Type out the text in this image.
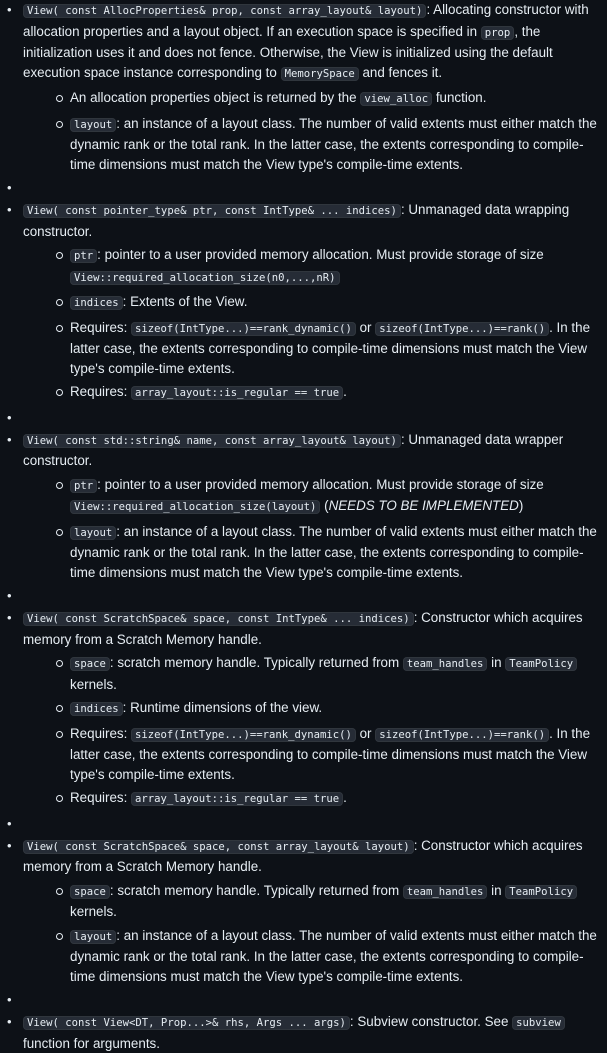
• View( const AllocProperties& prop, const array_layout& layout) : Allocating constructor with allocation properties and a layout object. If an execution space is specified in prop , the initialization uses it and does not fence. Otherwise, the View is initialized using the default execution space instance corresponding to MemorySpace and fences it.
An allocation properties object is returned by the view_alloc function.
layout : an instance of a layout class. The number of valid extents must either match the dynamic rank or the total rank. In the latter case, the extents corresponding to compile-time dimensions must match the View type's compile-time extents.
•
• View( const pointer_type& ptr, const IntType& ... indices) : Unmanaged data wrapping constructor.
ptr : pointer to a user provided memory allocation. Must provide storage of size View::required_allocation_size(n0,...,nR)
indices : Extents of the View.
Requires: sizeof(IntType...)==rank_dynamic() or sizeof(IntType...)==rank() . In the latter case, the extents corresponding to compile-time dimensions must match the View type's compile-time extents.
Requires: array_layout::is_regular == true .
•
• View( const std::string& name, const array_layout& layout) : Unmanaged data wrapper constructor.
ptr : pointer to a user provided memory allocation. Must provide storage of size View::required_allocation_size(layout) (NEEDS TO BE IMPLEMENTED)
layout : an instance of a layout class. The number of valid extents must either match the dynamic rank or the total rank. In the latter case, the extents corresponding to compile-time dimensions must match the View type's compile-time extents.
•
• View( const ScratchSpace& space, const IntType& ... indices) : Constructor which acquires memory from a Scratch Memory handle.
space : scratch memory handle. Typically returned from team_handles in TeamPolicy kernels.
indices : Runtime dimensions of the view.
Requires: sizeof(IntType...)==rank_dynamic() or sizeof(IntType...)==rank() . In the latter case, the extents corresponding to compile-time dimensions must match the View type's compile-time extents.
Requires: array_layout::is_regular == true .
•
• View( const ScratchSpace& space, const array_layout& layout) : Constructor which acquires memory from a Scratch Memory handle.
space : scratch memory handle. Typically returned from team_handles in TeamPolicy kernels.
layout : an instance of a layout class. The number of valid extents must either match the dynamic rank or the total rank. In the latter case, the extents corresponding to compile-time dimensions must match the View type's compile-time extents.
•
• View( const View<DT, Prop...>& rhs, Args ... args) : Subview constructor. See subview function for arguments.
